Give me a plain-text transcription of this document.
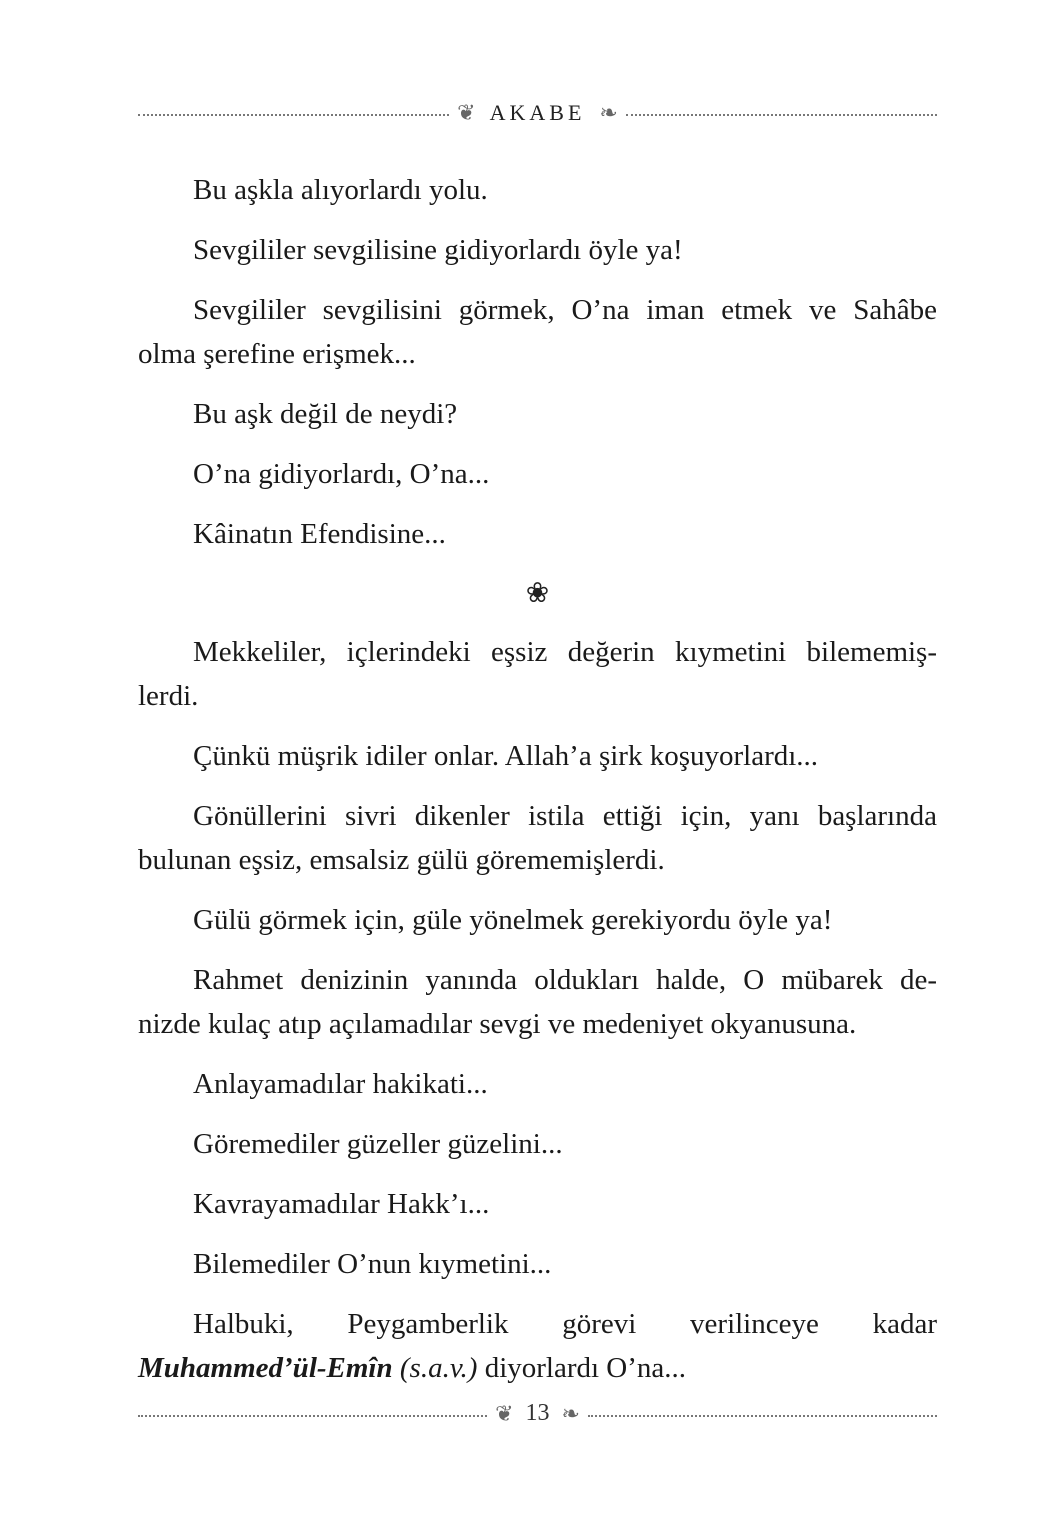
❦ AKABE ❧
Bu aşkla alıyorlardı yolu.
Sevgililer sevgilisine gidiyorlardı öyle ya!
Sevgililer sevgilisini görmek, O’na iman etmek ve Sahâbe
olma şerefine erişmek...
Bu aşk değil de neydi?
O’na gidiyorlardı, O’na...
Kâinatın Efendisine...
❀
Mekkeliler, içlerindeki eşsiz değerin kıymetini bilememiş-
lerdi.
Çünkü müşrik idiler onlar. Allah’a şirk koşuyorlardı...
Gönüllerini sivri dikenler istila ettiği için, yanı başlarında
bulunan eşsiz, emsalsiz gülü görememişlerdi.
Gülü görmek için, güle yönelmek gerekiyordu öyle ya!
Rahmet denizinin yanında oldukları halde, O mübarek de-
nizde kulaç atıp açılamadılar sevgi ve medeniyet okyanusuna.
Anlayamadılar hakikati...
Göremediler güzeller güzelini...
Kavrayamadılar Hakk’ı...
Bilemediler O’nun kıymetini...
Halbuki, Peygamberlik görevi verilinceye kadar
Muhammed’ül-Emîn (s.a.v.) diyorlardı O’na...
❦ 13 ❧
